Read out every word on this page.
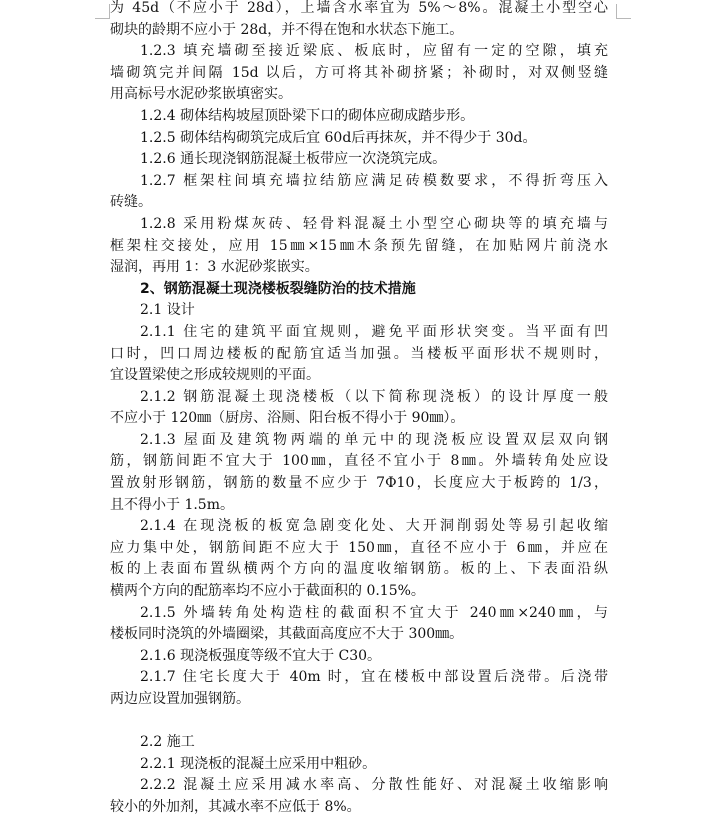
为 45d（不应小于 28d），上墙含水率宜为 5%～8%。混凝土小型空心
砌块的龄期不应小于 28d，并不得在饱和水状态下施工。
1.2.3 填充墙砌至接近梁底、板底时，应留有一定的空隙，填充
墙砌筑完并间隔 15d 以后，方可将其补砌挤紧；补砌时，对双侧竖缝
用高标号水泥砂浆嵌填密实。
1.2.4 砌体结构坡屋顶卧梁下口的砌体应砌成踏步形。
1.2.5 砌体结构砌筑完成后宜 60d后再抹灰，并不得少于 30d。
1.2.6 通长现浇钢筋混凝土板带应一次浇筑完成。
1.2.7 框架柱间填充墙拉结筋应满足砖模数要求，不得折弯压入
砖缝。
1.2.8 采用粉煤灰砖、轻骨料混凝土小型空心砌块等的填充墙与
框架柱交接处，应用 15㎜×15㎜木条预先留缝，在加贴网片前浇水
湿润，再用 1：3 水泥砂浆嵌实。
2、钢筋混凝土现浇楼板裂缝防治的技术措施
2.1 设计
2.1.1 住宅的建筑平面宜规则，避免平面形状突变。当平面有凹
口时，凹口周边楼板的配筋宜适当加强。当楼板平面形状不规则时，
宜设置梁使之形成较规则的平面。
2.1.2 钢筋混凝土现浇楼板（以下简称现浇板）的设计厚度一般
不应小于 120㎜（厨房、浴厕、阳台板不得小于 90㎜）。
2.1.3 屋面及建筑物两端的单元中的现浇板应设置双层双向钢
筋，钢筋间距不宜大于 100㎜，直径不宜小于 8㎜。外墙转角处应设
置放射形钢筋，钢筋的数量不应少于 7Φ10，长度应大于板跨的 1/3，
且不得小于 1.5m。
2.1.4 在现浇板的板宽急剧变化处、大开洞削弱处等易引起收缩
应力集中处，钢筋间距不应大于 150㎜，直径不应小于 6㎜，并应在
板的上表面布置纵横两个方向的温度收缩钢筋。板的上、下表面沿纵
横两个方向的配筋率均不应小于截面积的 0.15%。
2.1.5 外墙转角处构造柱的截面积不宜大于 240㎜×240㎜，与
楼板同时浇筑的外墙圈梁，其截面高度应不大于 300㎜。
2.1.6 现浇板强度等级不宜大于 C30。
2.1.7 住宅长度大于 40m 时，宜在楼板中部设置后浇带。后浇带
两边应设置加强钢筋。
2.2 施工
2.2.1 现浇板的混凝土应采用中粗砂。
2.2.2 混凝土应采用减水率高、分散性能好、对混凝土收缩影响
较小的外加剂，其减水率不应低于 8%。
